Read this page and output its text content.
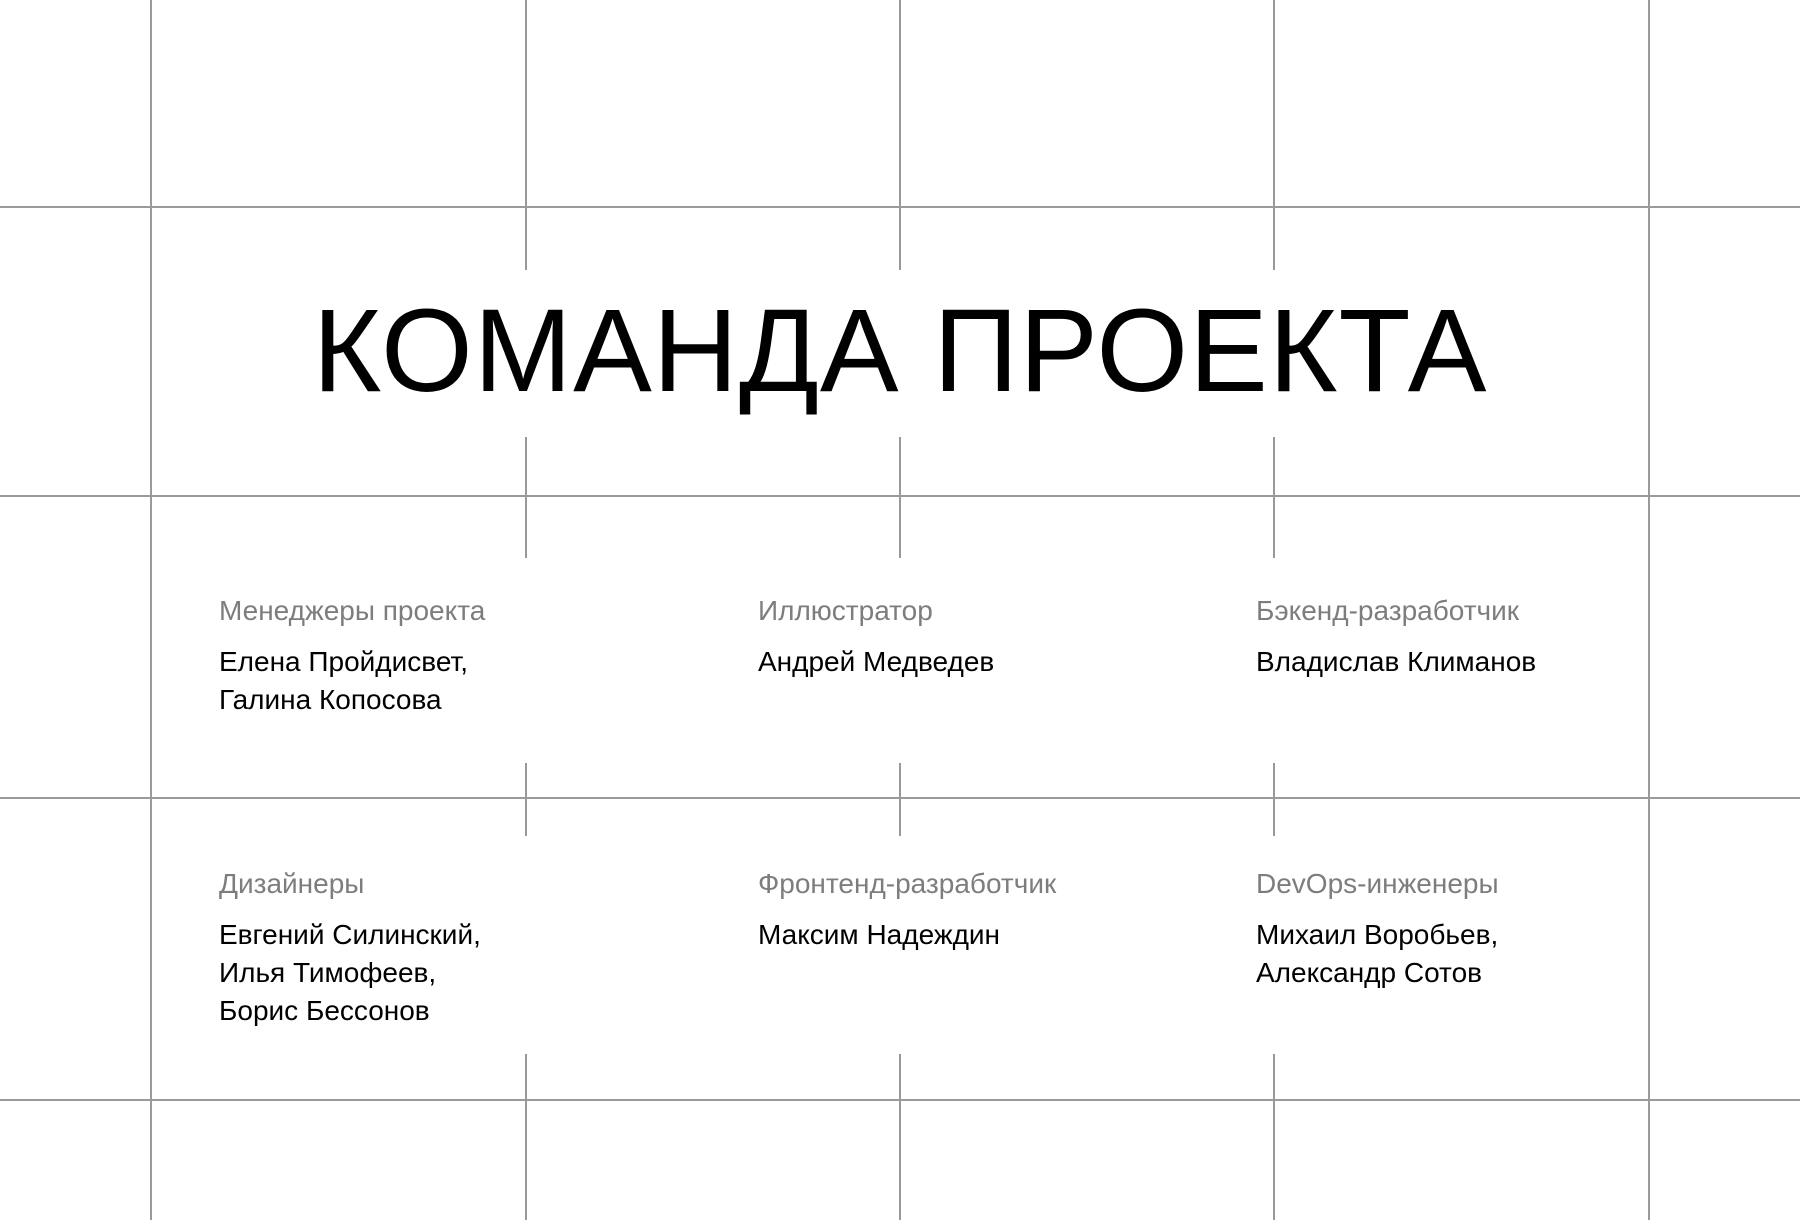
КОМАНДА ПРОЕКТА
Менеджеры проекта
Елена Пройдисвет,
Галина Копосова
Иллюстратор
Андрей Медведев
Бэкенд-разработчик
Владислав Климанов
Дизайнеры
Евгений Силинский,
Илья Тимофеев,
Борис Бессонов
Фронтенд-разработчик
Максим Надеждин
DevOps-инженеры
Михаил Воробьев,
Александр Сотов
